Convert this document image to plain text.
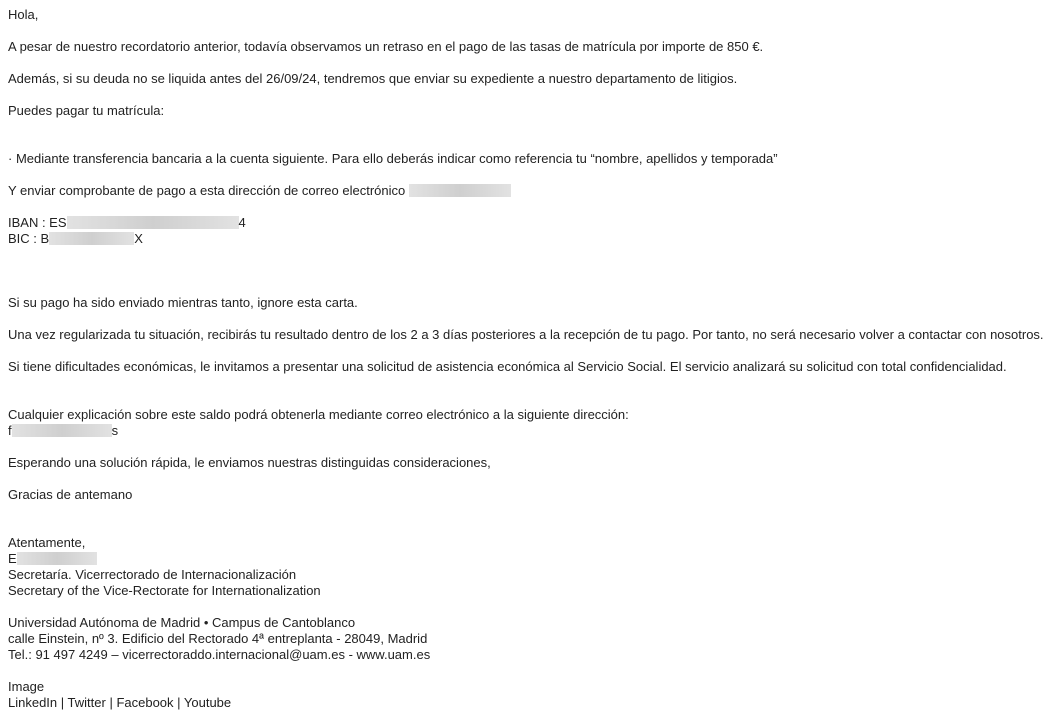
Hola,
A pesar de nuestro recordatorio anterior, todavía observamos un retraso en el pago de las tasas de matrícula por importe de 850 €.
Además, si su deuda no se liquida antes del 26/09/24, tendremos que enviar su expediente a nuestro departamento de litigios.
Puedes pagar tu matrícula:
· Mediante transferencia bancaria a la cuenta siguiente. Para ello deberás indicar como referencia tu “nombre, apellidos y temporada”
Y enviar comprobante de pago a esta dirección de correo electrónico
IBAN : ES	4
BIC : B	X
Si su pago ha sido enviado mientras tanto, ignore esta carta.
Una vez regularizada tu situación, recibirás tu resultado dentro de los 2 a 3 días posteriores a la recepción de tu pago. Por tanto, no será necesario volver a contactar con nosotros.
Si tiene dificultades económicas, le invitamos a presentar una solicitud de asistencia económica al Servicio Social. El servicio analizará su solicitud con total confidencialidad.
Cualquier explicación sobre este saldo podrá obtenerla mediante correo electrónico a la siguiente dirección:
f	s
Esperando una solución rápida, le enviamos nuestras distinguidas consideraciones,
Gracias de antemano
Atentamente,
E
Secretaría. Vicerrectorado de Internacionalización
Secretary of the Vice-Rectorate for Internationalization
Universidad Autónoma de Madrid • Campus de Cantoblanco
calle Einstein, nº 3. Edificio del Rectorado 4ª entreplanta - 28049, Madrid
Tel.: 91 497 4249 – vicerrectoraddo.internacional@uam.es - www.uam.es
Image
LinkedIn | Twitter | Facebook | Youtube
